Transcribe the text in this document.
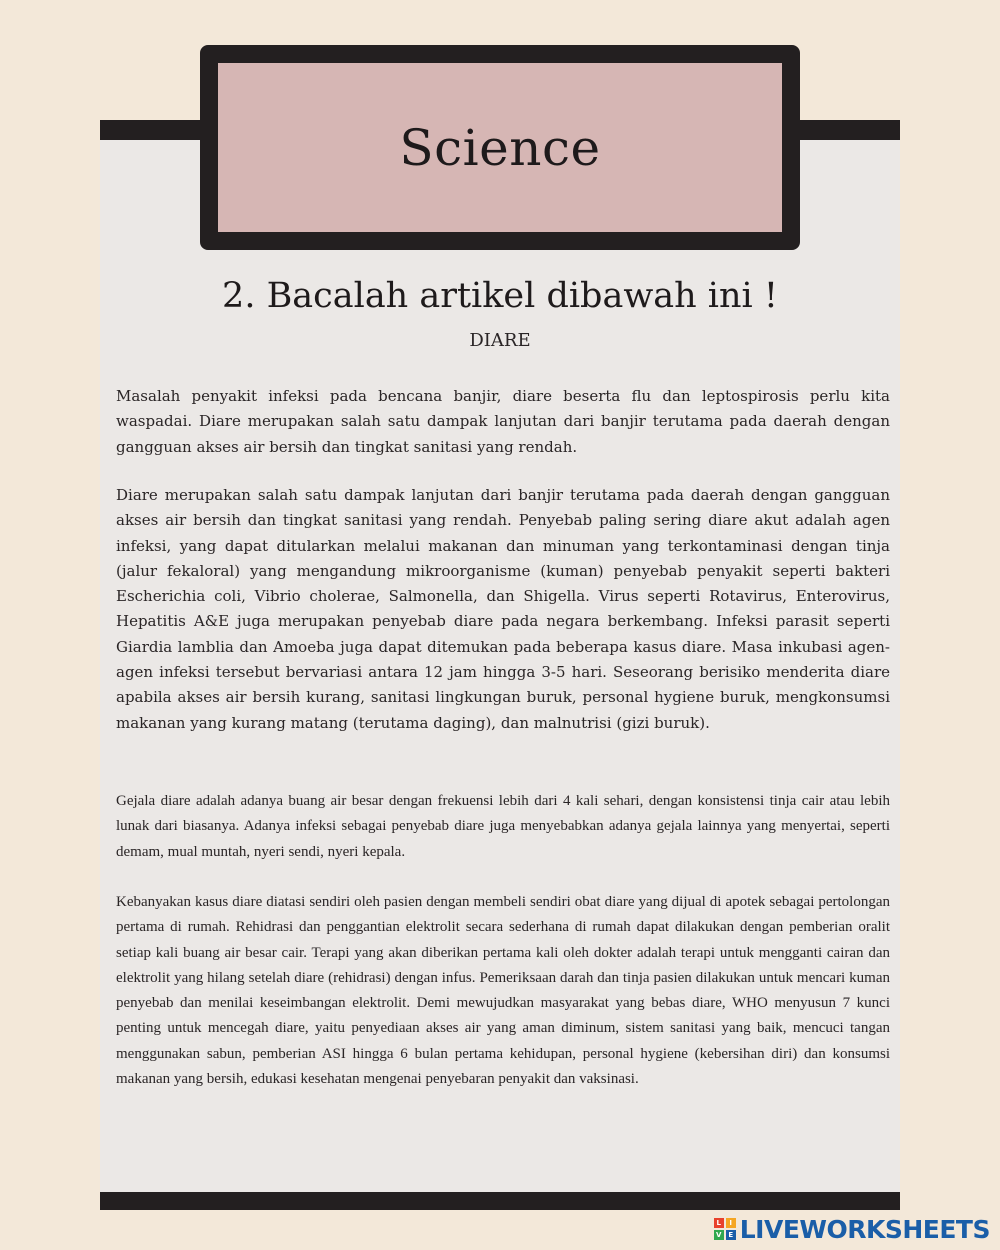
Science
2. Bacalah artikel dibawah ini !
DIARE

Masalah penyakit infeksi pada bencana banjir, diare beserta flu dan leptospirosis perlu kita waspadai. Diare merupakan salah satu dampak lanjutan dari banjir terutama pada daerah dengan gangguan akses air bersih dan tingkat sanitasi yang rendah.

Diare merupakan salah satu dampak lanjutan dari banjir terutama pada daerah dengan gangguan akses air bersih dan tingkat sanitasi yang rendah. Penyebab paling sering diare akut adalah agen infeksi, yang dapat ditularkan melalui makanan dan minuman yang terkontaminasi dengan tinja (jalur fekaloral) yang mengandung mikroorganisme (kuman) penyebab penyakit seperti bakteri Escherichia coli, Vibrio cholerae, Salmonella, dan Shigella. Virus seperti Rotavirus, Enterovirus, Hepatitis A&E juga merupakan penyebab diare pada negara berkembang. Infeksi parasit seperti Giardia lamblia dan Amoeba juga dapat ditemukan pada beberapa kasus diare. Masa inkubasi agen-agen infeksi tersebut bervariasi antara 12 jam hingga 3-5 hari. Seseorang berisiko menderita diare apabila akses air bersih kurang, sanitasi lingkungan buruk, personal hygiene buruk, mengkonsumsi makanan yang kurang matang (terutama daging), dan malnutrisi (gizi buruk).

Gejala diare adalah adanya buang air besar dengan frekuensi lebih dari 4 kali sehari, dengan konsistensi tinja cair atau lebih lunak dari biasanya. Adanya infeksi sebagai penyebab diare juga menyebabkan adanya gejala lainnya yang menyertai, seperti demam, mual muntah, nyeri sendi, nyeri kepala.

Kebanyakan kasus diare diatasi sendiri oleh pasien dengan membeli sendiri obat diare yang dijual di apotek sebagai pertolongan pertama di rumah. Rehidrasi dan penggantian elektrolit secara sederhana di rumah dapat dilakukan dengan pemberian oralit setiap kali buang air besar cair. Terapi yang akan diberikan pertama kali oleh dokter adalah terapi untuk mengganti cairan dan elektrolit yang hilang setelah diare (rehidrasi) dengan infus. Pemeriksaan darah dan tinja pasien dilakukan untuk mencari kuman penyebab dan menilai keseimbangan elektrolit. Demi mewujudkan masyarakat yang bebas diare, WHO menyusun 7 kunci penting untuk mencegah diare, yaitu penyediaan akses air yang aman diminum, sistem sanitasi yang baik, mencuci tangan menggunakan sabun, pemberian ASI hingga 6 bulan pertama kehidupan, personal hygiene (kebersihan diri) dan konsumsi makanan yang bersih, edukasi kesehatan mengenai penyebaran penyakit dan vaksinasi.

L	I
V E LIVEWORKSHEETS
